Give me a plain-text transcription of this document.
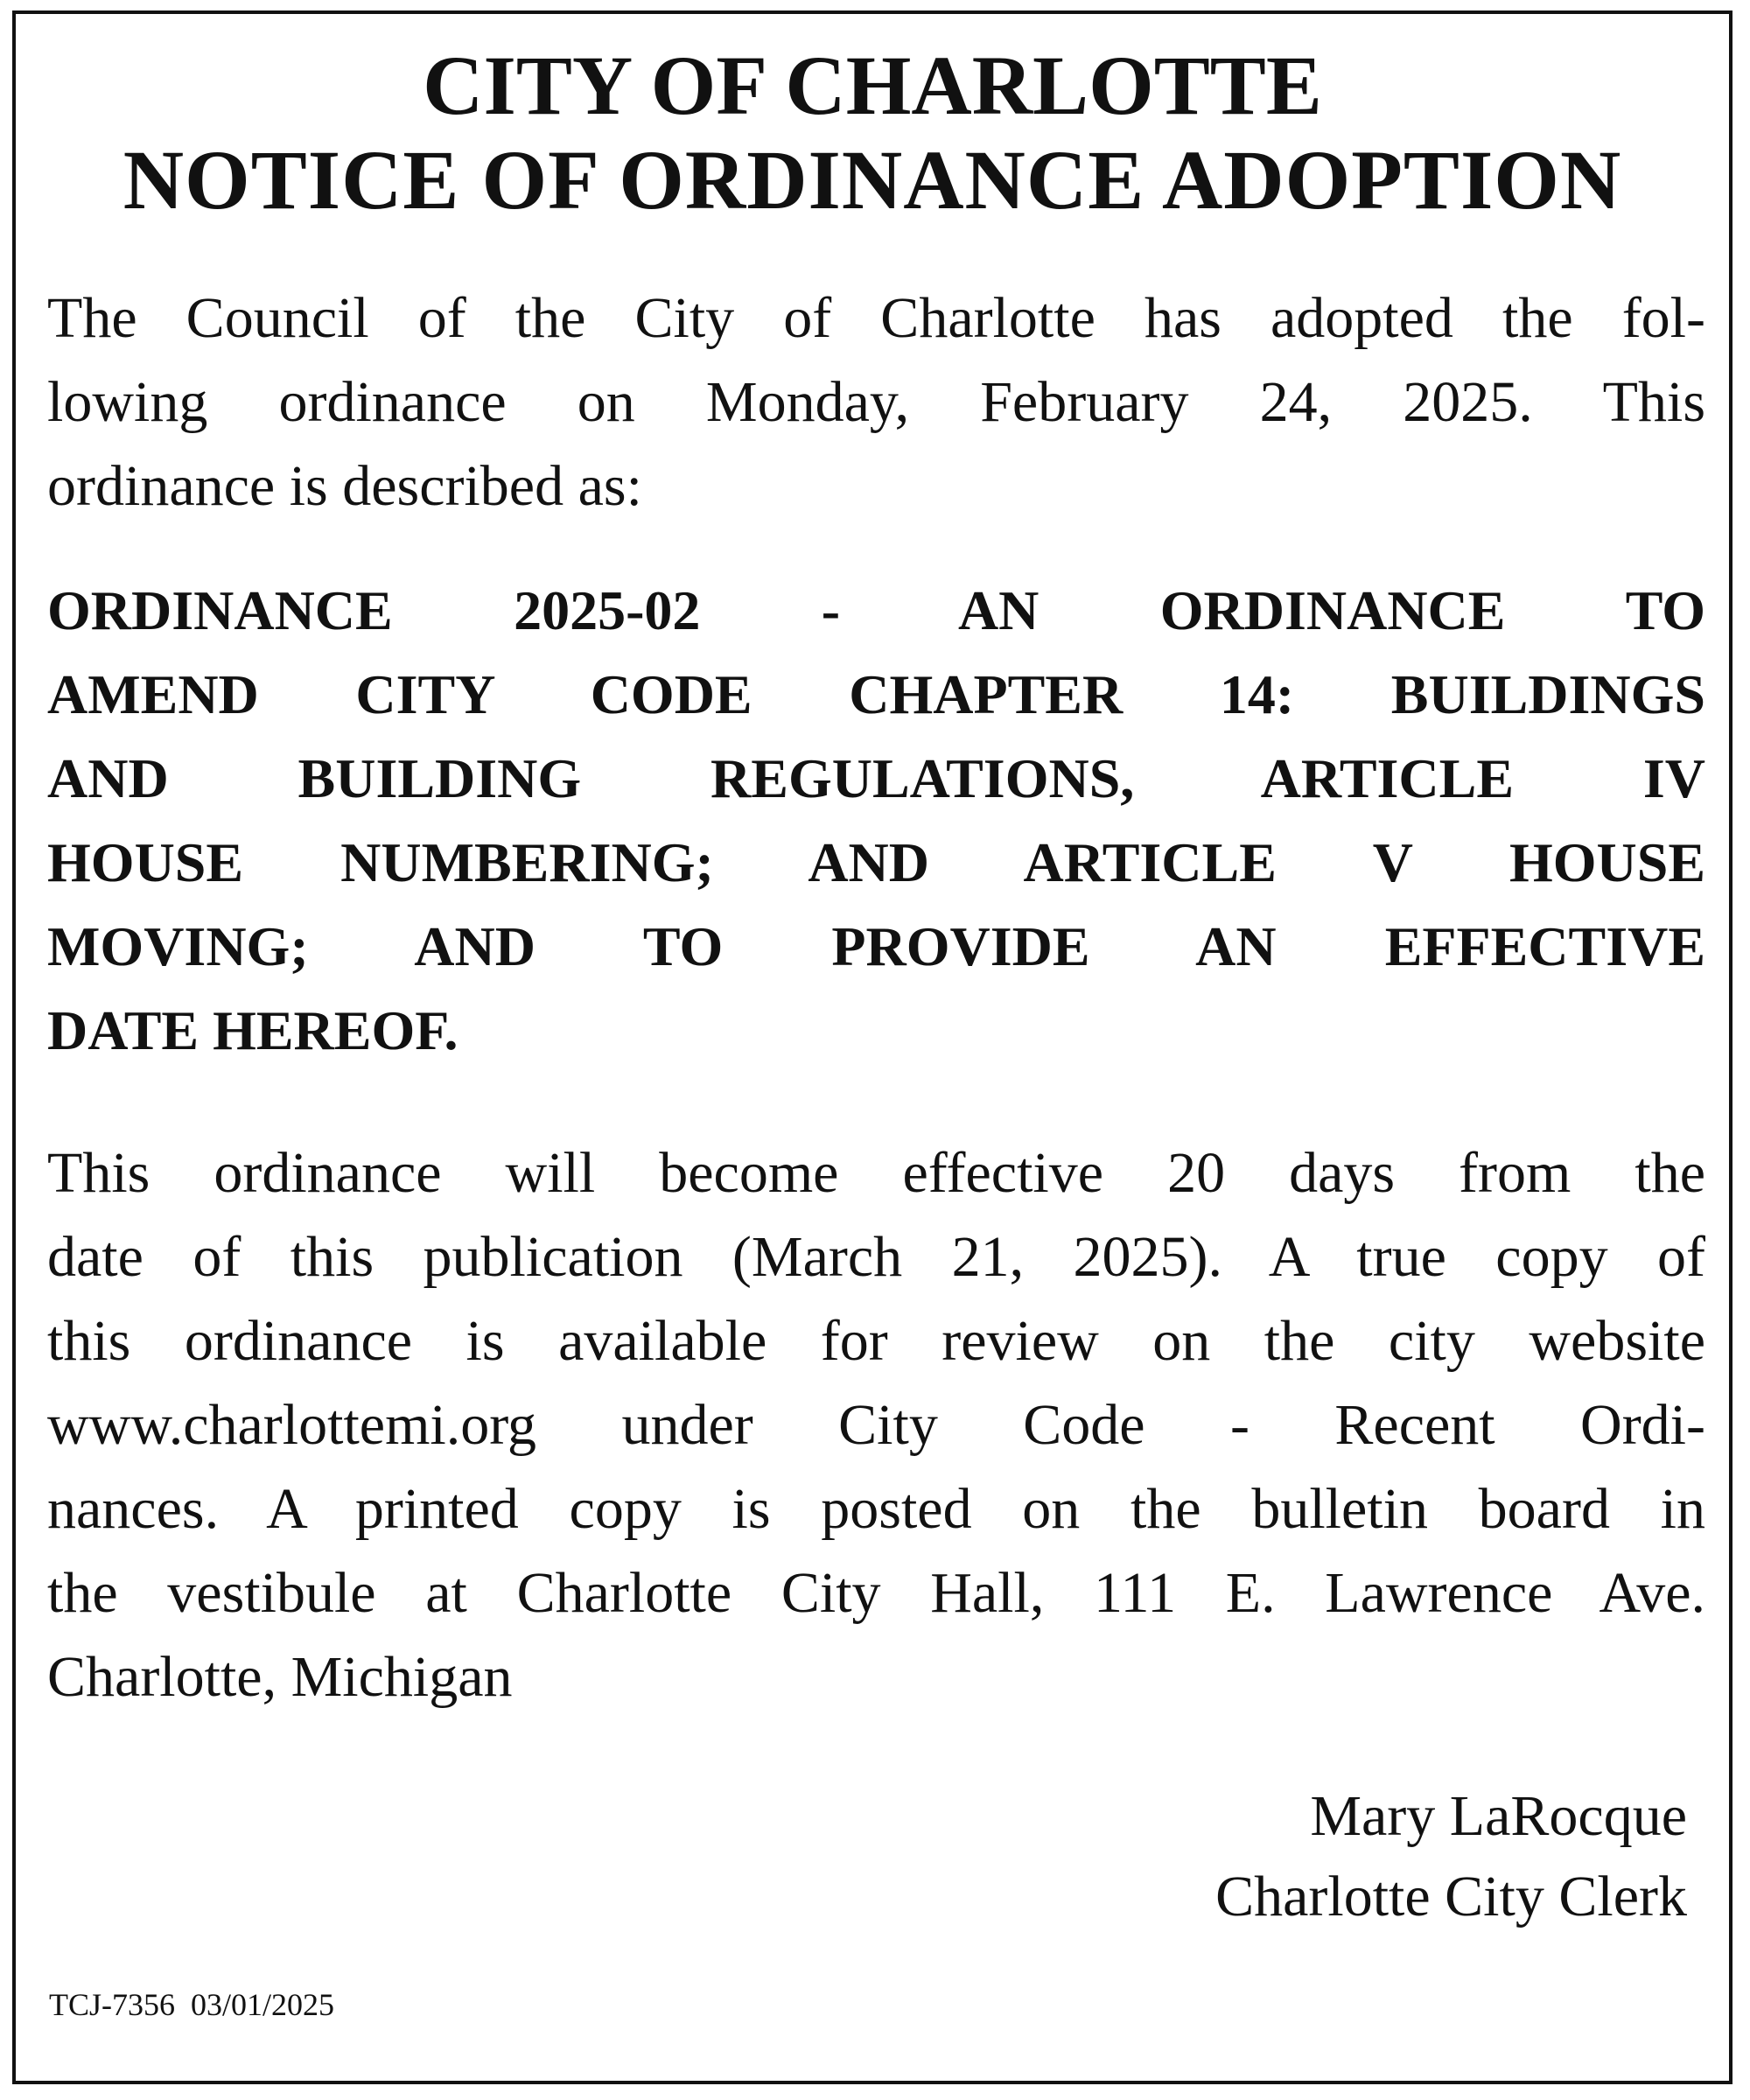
CITY OF CHARLOTTE
NOTICE OF ORDINANCE ADOPTION

The Council of the City of Charlotte has adopted the fol-
lowing ordinance on Monday, February 24, 2025. This
ordinance is described as:

ORDINANCE 2025-02 - AN ORDINANCE TO
AMEND CITY CODE CHAPTER 14: BUILDINGS
AND BUILDING REGULATIONS, ARTICLE IV
HOUSE NUMBERING; AND ARTICLE V HOUSE
MOVING; AND TO PROVIDE AN EFFECTIVE
DATE HEREOF.

This ordinance will become effective 20 days from the
date of this publication (March 21, 2025). A true copy of
this ordinance is available for review on the city website
www.charlottemi.org under City Code - Recent Ordi-
nances. A printed copy is posted on the bulletin board in
the vestibule at Charlotte City Hall, 111 E. Lawrence Ave.
Charlotte, Michigan

Mary LaRocque
Charlotte City Clerk
TCJ-7356  03/01/2025
